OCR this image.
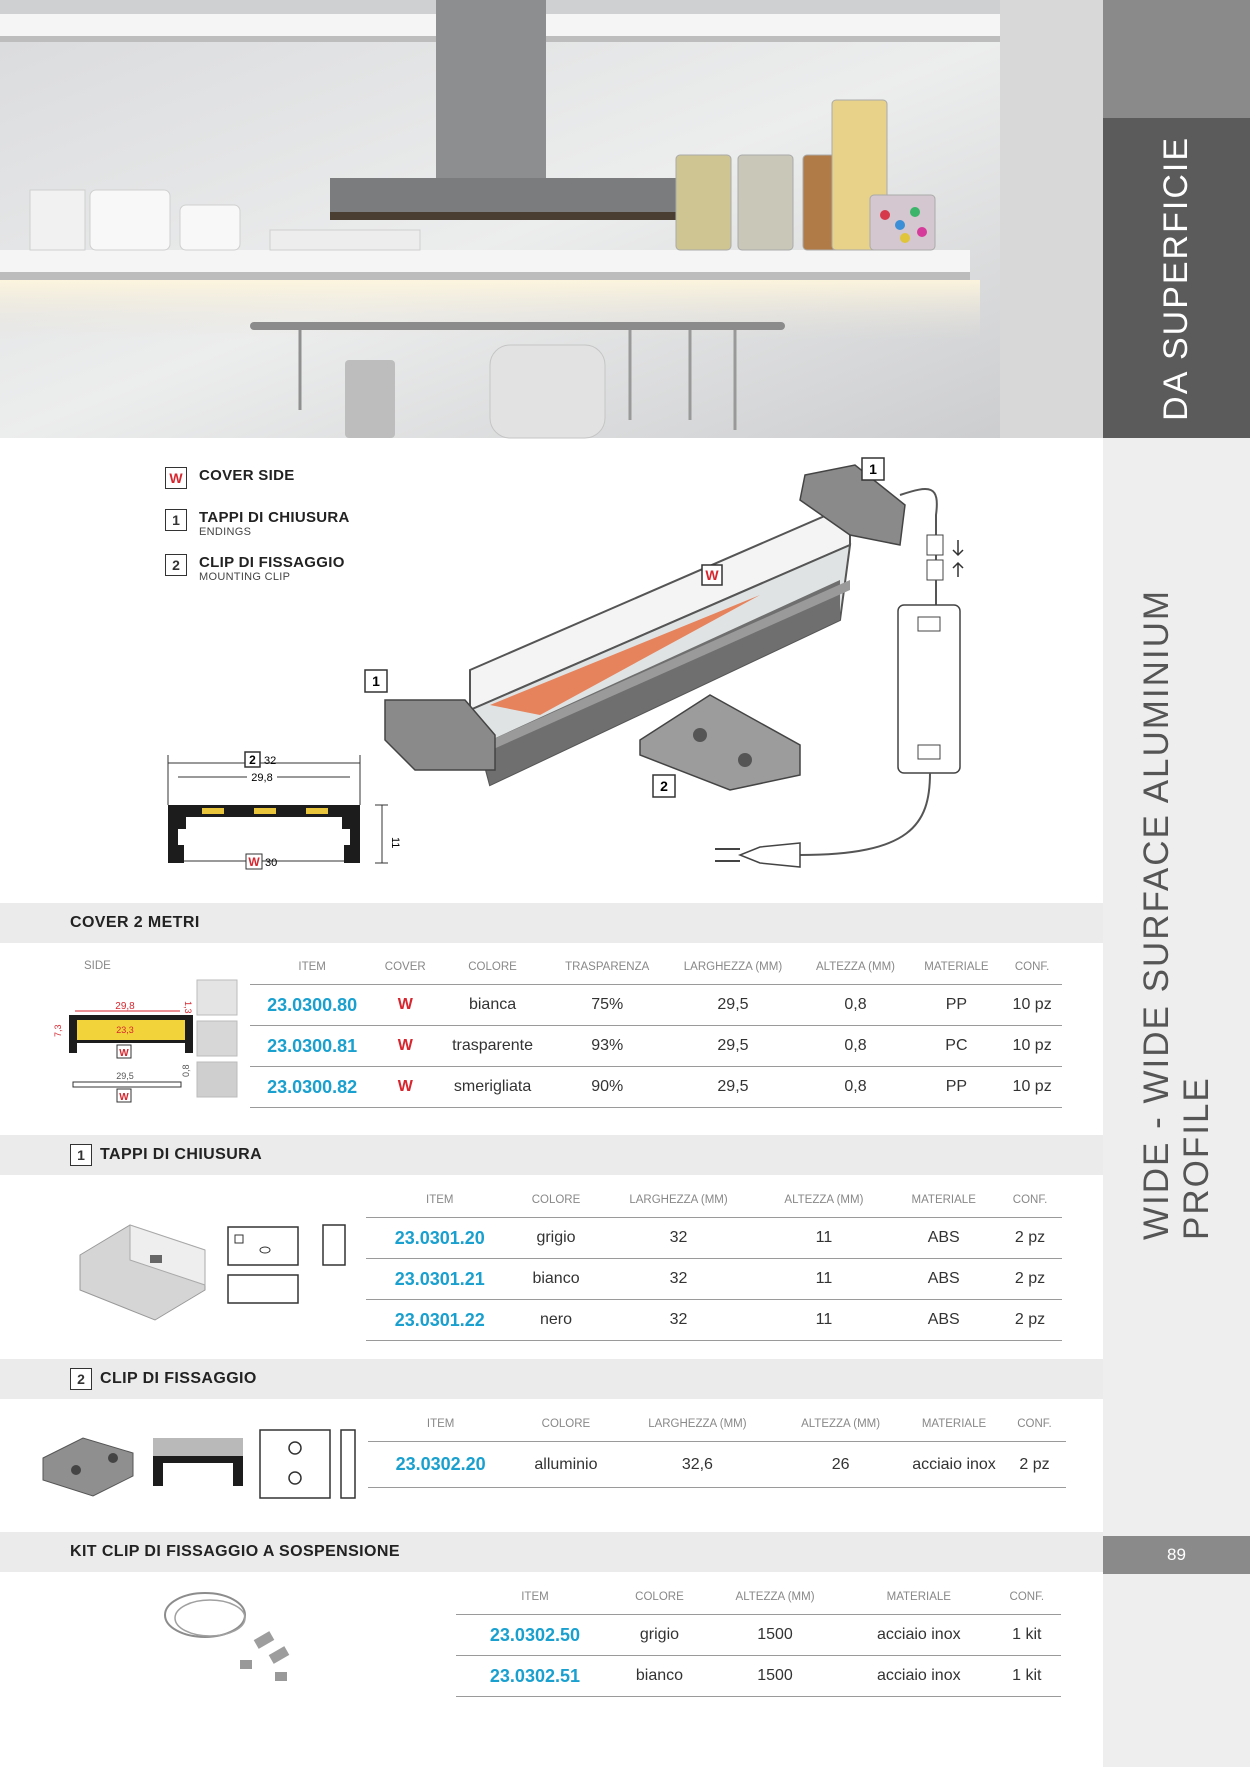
DA SUPERFICIE
WIDE - WIDE SURFACE ALUMINIUM PROFILE
89
W COVER SIDE
1	TAPPI DI CHIUSURA
ENDINGS
2	CLIP DI FISSAGGIO
MOUNTING CLIP
2 32
29,8
W 30
11
W
1
1
2
COVER 2 METRI
SIDE
29,8
7,3
1,3
23,3
W
29,5	0,8
W
ITEM	COVER	COLORE	TRASPARENZA	LARGHEZZA (MM)	ALTEZZA (MM)	MATERIALE	CONF.
23.0300.80	W	bianca	75%	29,5	0,8	PP	10 pz
23.0300.81	W	trasparente	93%	29,5	0,8	PC	10 pz
23.0300.82	W	smerigliata	90%	29,5	0,8	PP	10 pz
1 TAPPI DI CHIUSURA
ITEM	COLORE	LARGHEZZA (MM)	ALTEZZA (MM)	MATERIALE	CONF.
23.0301.20	grigio	32	11	ABS	2 pz
23.0301.21	bianco	32	11	ABS	2 pz
23.0301.22	nero	32	11	ABS	2 pz
2 CLIP DI FISSAGGIO
ITEM	COLORE	LARGHEZZA (MM)	ALTEZZA (MM)	MATERIALE	CONF.
23.0302.20	alluminio	32,6	26	acciaio inox	2 pz
KIT CLIP DI FISSAGGIO A SOSPENSIONE
ITEM	COLORE	ALTEZZA (MM)	MATERIALE	CONF.
23.0302.50	grigio	1500	acciaio inox	1 kit
23.0302.51	bianco	1500	acciaio inox	1 kit
